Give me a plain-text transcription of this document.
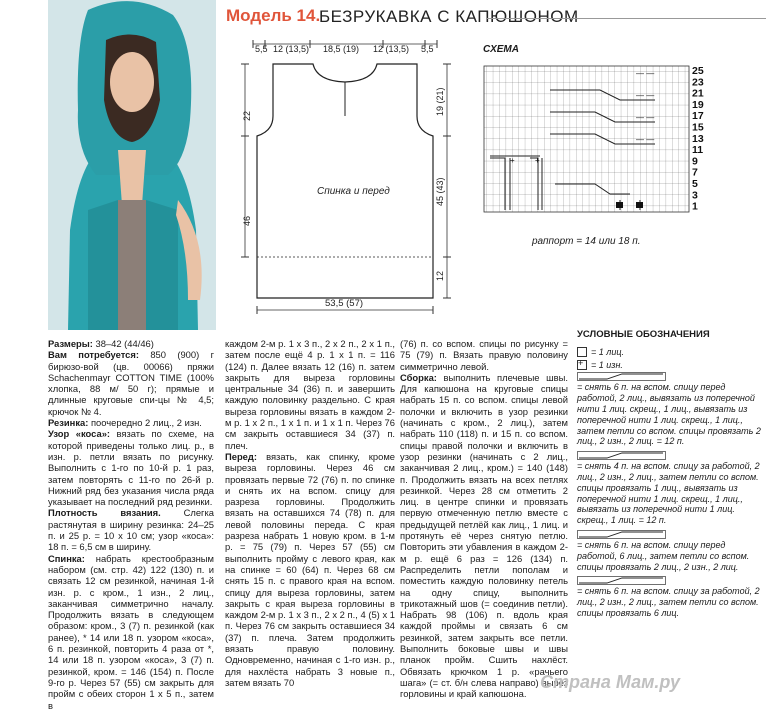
Модель 14.
БЕЗРУКАВКА С КАПЮШОНОМ
5,5 12 (13,5) 18,5 (19) 12 (13,5) 5,5
Спинка и перед
19 (21)
45 (43)
12
22
46
53,5 (57)
СХЕМА
+	+
— —
— —
— —
— —
25
23
21
19
17
15
13
11
9
7
5
3
1
раппорт = 14 или 18 п.

Размеры: 38–42 (44/46)

Вам потребуется: 850 (900) г бирюзо-вой (цв. 00066) пряжи Schachenmayr COTTON TIME (100% хлопка, 88 м/ 50 г); прямые и длинные круговые спи-цы № 4,5; крючок № 4.

Резинка: поочередно 2 лиц., 2 изн.

Узор «коса»: вязать по схеме, на которой приведены только лиц. р., в изн. р. петли вязать по рисунку. Выполнить с 1-го по 10-й р. 1 раз, затем повторять с 11-го по 26-й р. Нижний ряд без указания числа ряда указывает на последний ряд резинки.

Плотность вязания. Слегка растянутая в ширину резинка: 24–25 п. и 25 р. = 10 х 10 см; узор «коса»: 18 п. = 6,5 см в ширину.

Спинка: набрать крестообразным набором (см. стр. 42) 122 (130) п. и связать 12 см резинкой, начиная 1-й изн. р. с кром., 1 изн., 2 лиц., заканчивая симметрично началу. Продолжить вязать в следующем образом: кром., 3 (7) п. резинкой (как ранее), * 14 или 18 п. узором «коса», 6 п. резинкой, повторить 4 раза от *, 14 или 18 п. узором «коса», 3 (7) п. резинкой, кром. = 146 (154) п. После 9-го р. Через 57 (55) см закрыть для пройм с обеих сторон 1 х 5 п., затем в

каждом 2-м р. 1 х 3 п., 2 х 2 п., 2 х 1 п., затем после ещё 4 р. 1 х 1 п. = 116 (124) п. Далее вязать 12 (16) п. затем закрыть для выреза горловины центральные 34 (36) п. и завершить каждую половинку раздельно. С края выреза горловины вязать в каждом 2-м р. 1 х 2 п., 1 х 1 п. и 1 х 1 п. Через 76 см закрыть оставшиеся 34 (37) п. плеч.

Перед: вязать, как спинку, кроме выреза горловины. Через 46 см провязать первые 72 (76) п. по спинке и снять их на вспом. спицу для разреза горловины. Продолжить вязать на оставшихся 74 (78) п. для левой половины переда. С края разреза набрать 1 новую кром. в 1-м р. = 75 (79) п. Через 57 (55) см выполнить пройму с левого края, как на спинке = 60 (64) п. Через 68 см снять 15 п. с правого края на вспом. спицу для выреза горловины, затем закрыть с края выреза горловины в каждом 2-м р. 1 х 3 п., 2 х 2 п., 4 (5) х 1 п. Через 76 см закрыть оставшиеся 34 (37) п. плеча. Затем продолжить вязать правую половину. Одновременно, начиная с 1-го изн. р., для нахлёста набрать 3 новые п., затем вязать 70

(76) п. со вспом. спицы по рисунку = 75 (79) п. Вязать правую половину симметрично левой.

Сборка: выполнить плечевые швы. Для капюшона на круговые спицы набрать 15 п. со вспом. спицы левой полочки и включить в узор резинки (начинать с кром., 2 лиц.), затем набрать 110 (118) п. и 15 п. со вспом. спицы правой полочки и включить в узор резинки (начинать с 2 лиц., заканчивая 2 лиц., кром.) = 140 (148) п. Продолжить вязать на всех петлях резинкой. Через 28 см отметить 2 лиц. в центре спинки и провязать первую отмеченную петлю вместе с предыдущей петлёй как лиц., 1 лиц. и протянуть её через снятую петлю. Повторить эти убавления в каждом 2-м р. ещё 6 раз = 126 (134) п. Распределить петли пополам и поместить каждую половинку петель на одну спицу, выполнить трикотажный шов (= соединив петли). Набрать 98 (106) п. вдоль края каждой проймы и связать 6 см резинкой, затем закрыть все петли. Выполнить боковые швы и швы планок пройм. Сшить нахлёст. Обвязать крючком 1 р. «рачьего шага» (= ст. б/н слева направо) вырез горловины и край капюшона.

УСЛОВНЫЕ ОБОЗНАЧЕНИЯ
= 1 лиц.
+
= 1 изн.
= снять 6 п. на вспом. спицу перед работой, 2 лиц., вывязать из поперечной нити 1 лиц. скрещ., 1 лиц., вывязать из поперечной нити 1 лиц. скрещ., 1 лиц., затем петли со вспом. спицы провязать 2 лиц., 2 изн., 2 лиц. = 12 п.
= снять 4 п. на вспом. спицу за работой, 2 лиц., 2 изн., 2 лиц., затем петли со вспом. спицы провязать 1 лиц., вывязать из поперечной нити 1 лиц. скрещ., 1 лиц., вывязать из поперечной нити 1 лиц. скрещ., 1 лиц. = 12 п.
= снять 6 п. на вспом. спицу перед работой, 6 лиц., затем петли со вспом. спицы провязать 2 лиц., 2 изн., 2 лиц.
= снять 6 п. на вспом. спицу за работой, 2 лиц., 2 изн., 2 лиц., затем петли со вспом. спицы провязать 6 лиц.
Страна Мам.ру
